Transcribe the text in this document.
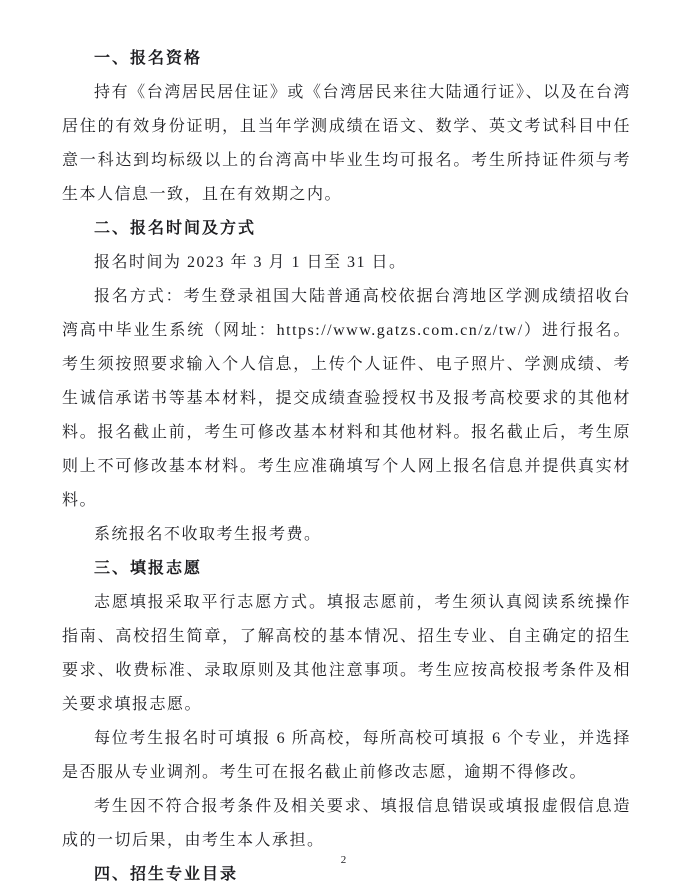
一、报名资格

持有《台湾居民居住证》或《台湾居民来往大陆通行证》、以及在台湾居住的有效身份证明，且当年学测成绩在语文、数学、英文考试科目中任意一科达到均标级以上的台湾高中毕业生均可报名。考生所持证件须与考生本人信息一致，且在有效期之内。

二、报名时间及方式

报名时间为 2023 年 3 月 1 日至 31 日。

报名方式：考生登录祖国大陆普通高校依据台湾地区学测成绩招收台湾高中毕业生系统（网址：https://www.gatzs.com.cn/z/tw/）进行报名。考生须按照要求输入个人信息，上传个人证件、电子照片、学测成绩、考生诚信承诺书等基本材料，提交成绩查验授权书及报考高校要求的其他材料。报名截止前，考生可修改基本材料和其他材料。报名截止后，考生原则上不可修改基本材料。考生应准确填写个人网上报名信息并提供真实材料。

系统报名不收取考生报考费。

三、填报志愿

志愿填报采取平行志愿方式。填报志愿前，考生须认真阅读系统操作指南、高校招生简章，了解高校的基本情况、招生专业、自主确定的招生要求、收费标准、录取原则及其他注意事项。考生应按高校报考条件及相关要求填报志愿。

每位考生报名时可填报 6 所高校，每所高校可填报 6 个专业，并选择是否服从专业调剂。考生可在报名截止前修改志愿，逾期不得修改。

考生因不符合报考条件及相关要求、填报信息错误或填报虚假信息造成的一切后果，由考生本人承担。

四、招生专业目录

2
